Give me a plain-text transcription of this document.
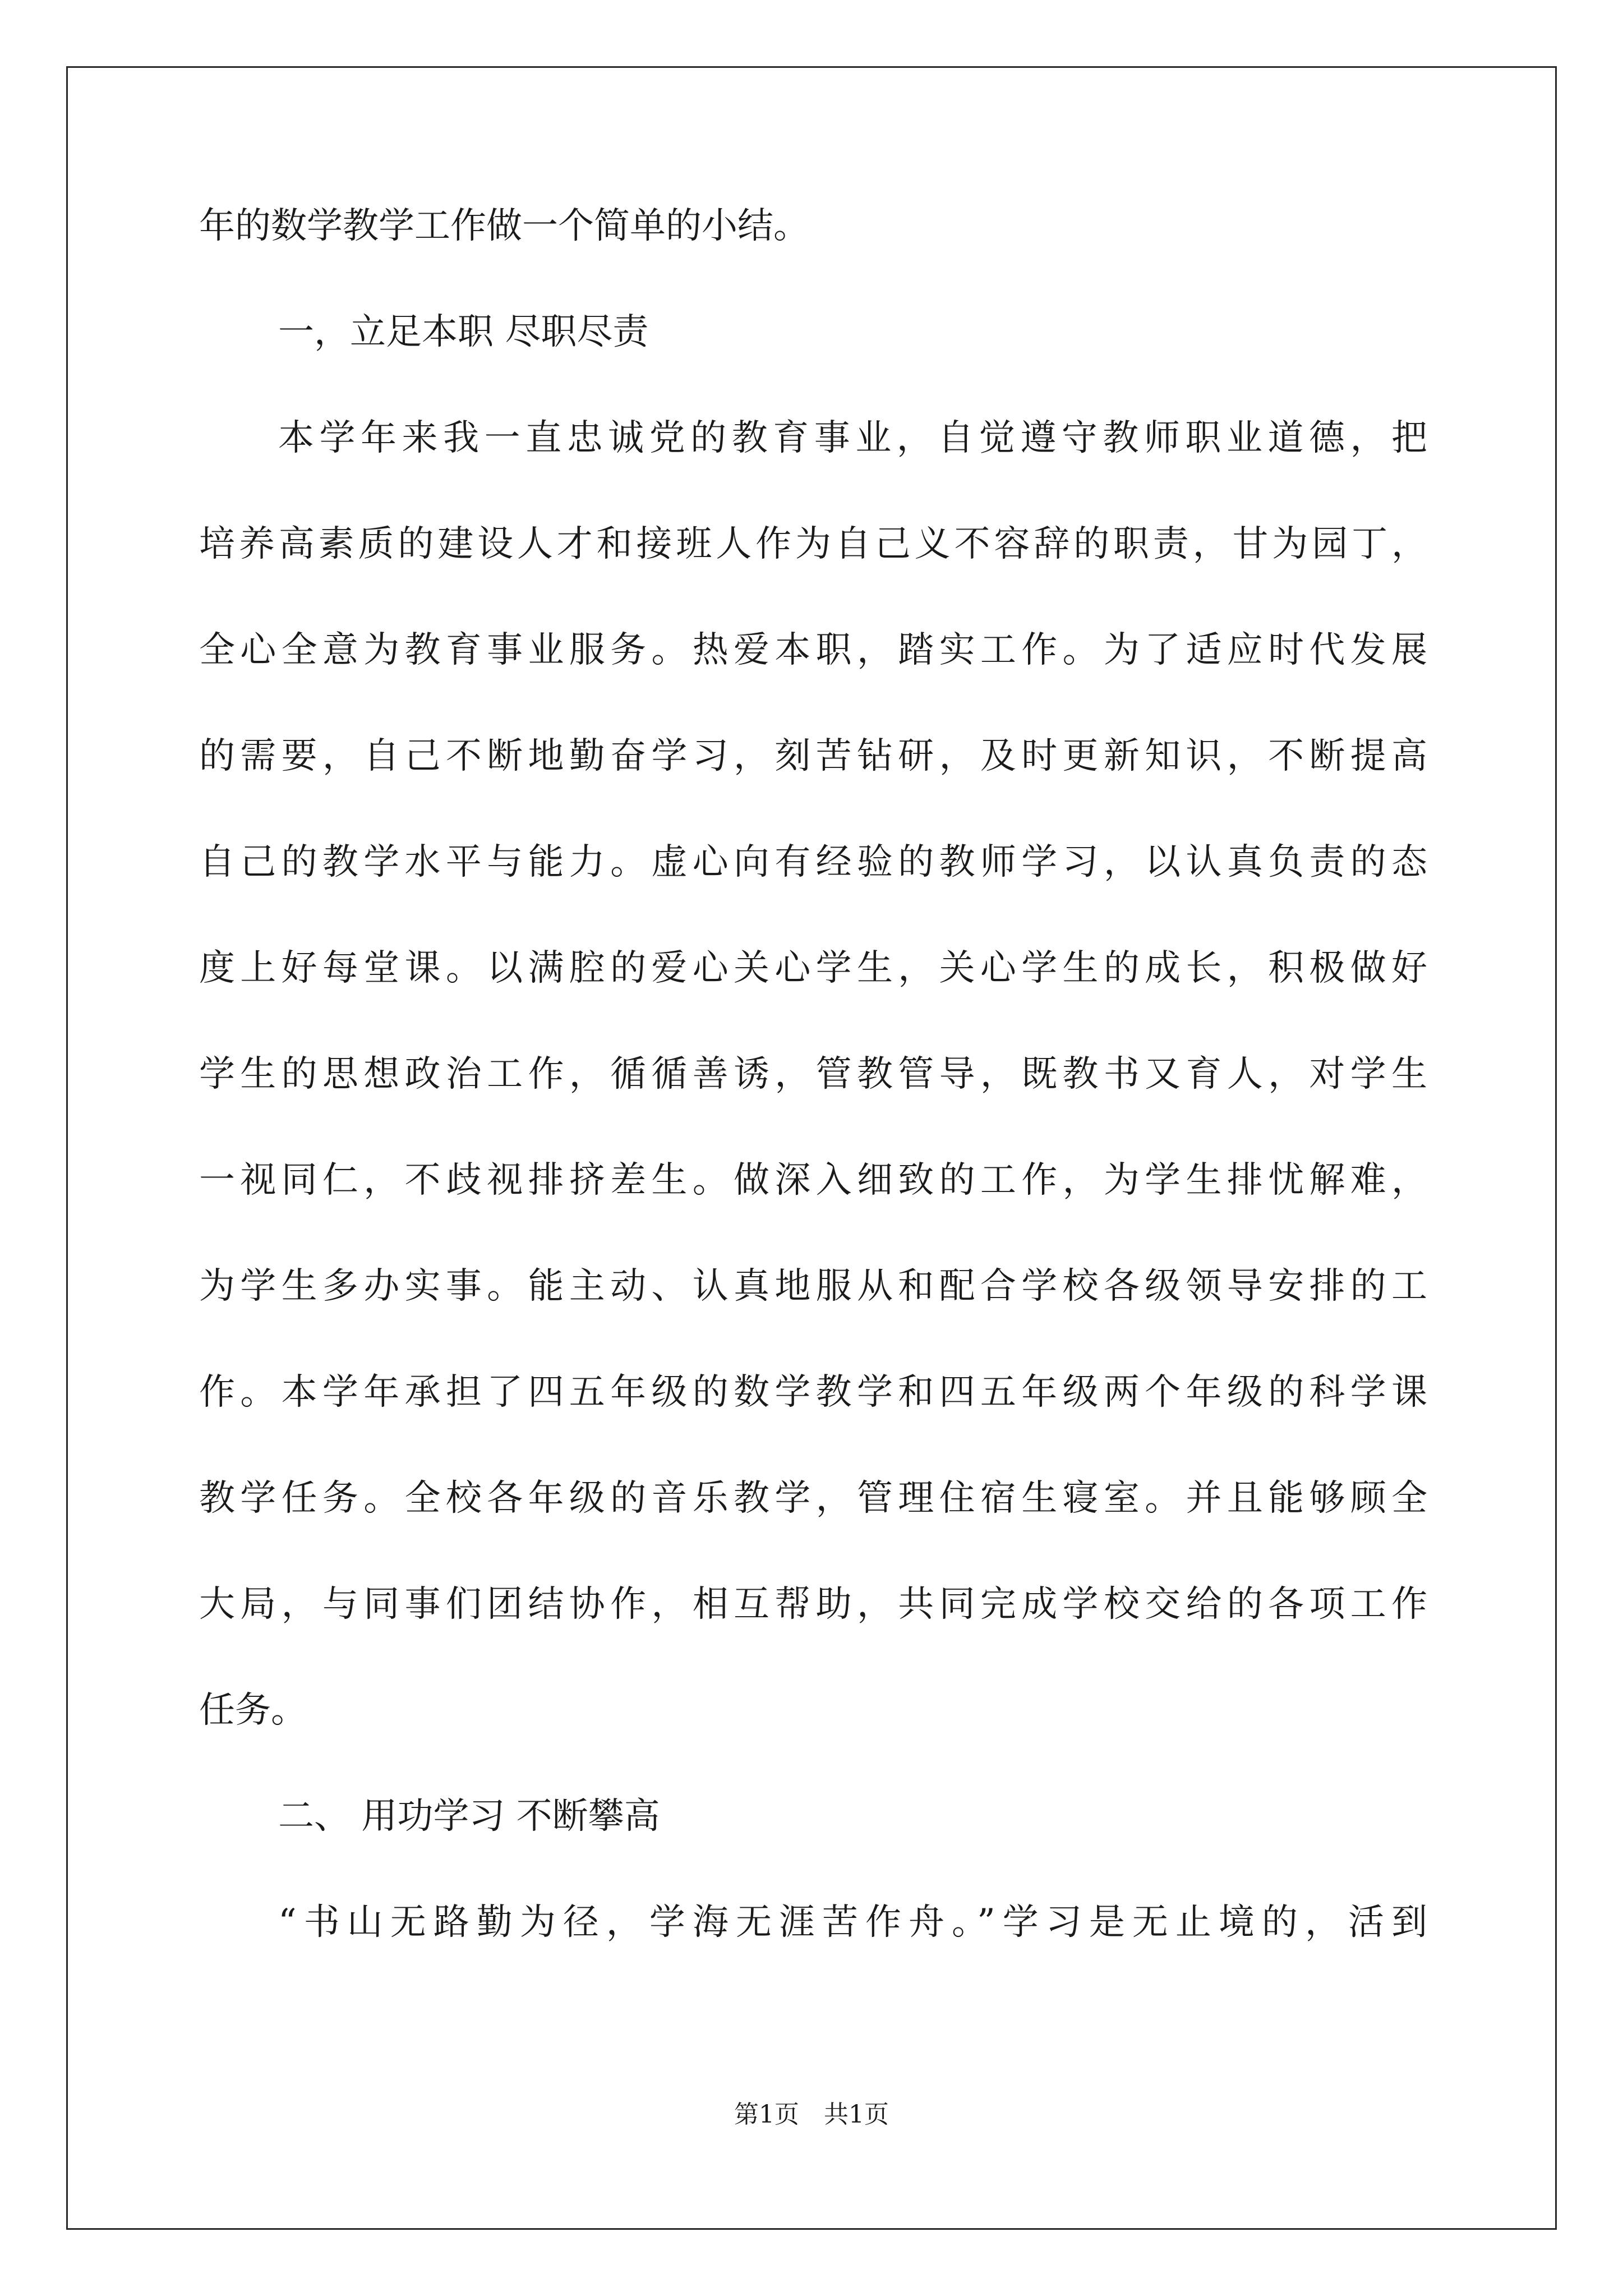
年的数学教学工作做一个简单的小结。
一，立足本职 尽职尽责
本学年来我一直忠诚党的教育事业，自觉遵守教师职业道德，把
培养高素质的建设人才和接班人作为自己义不容辞的职责，甘为园丁，
全心全意为教育事业服务。热爱本职，踏实工作。为了适应时代发展
的需要，自己不断地勤奋学习，刻苦钻研，及时更新知识，不断提高
自己的教学水平与能力。虚心向有经验的教师学习，以认真负责的态
度上好每堂课。以满腔的爱心关心学生，关心学生的成长，积极做好
学生的思想政治工作，循循善诱，管教管导，既教书又育人，对学生
一视同仁，不歧视排挤差生。做深入细致的工作，为学生排忧解难，
为学生多办实事。能主动、认真地服从和配合学校各级领导安排的工
作。本学年承担了四五年级的数学教学和四五年级两个年级的科学课
教学任务。全校各年级的音乐教学，管理住宿生寝室。并且能够顾全
大局，与同事们团结协作，相互帮助，共同完成学校交给的各项工作
任务。
二、 用功学习 不断攀高
“书山无路勤为径，学海无涯苦作舟。”学习是无止境的，活到
第1页　共1页
